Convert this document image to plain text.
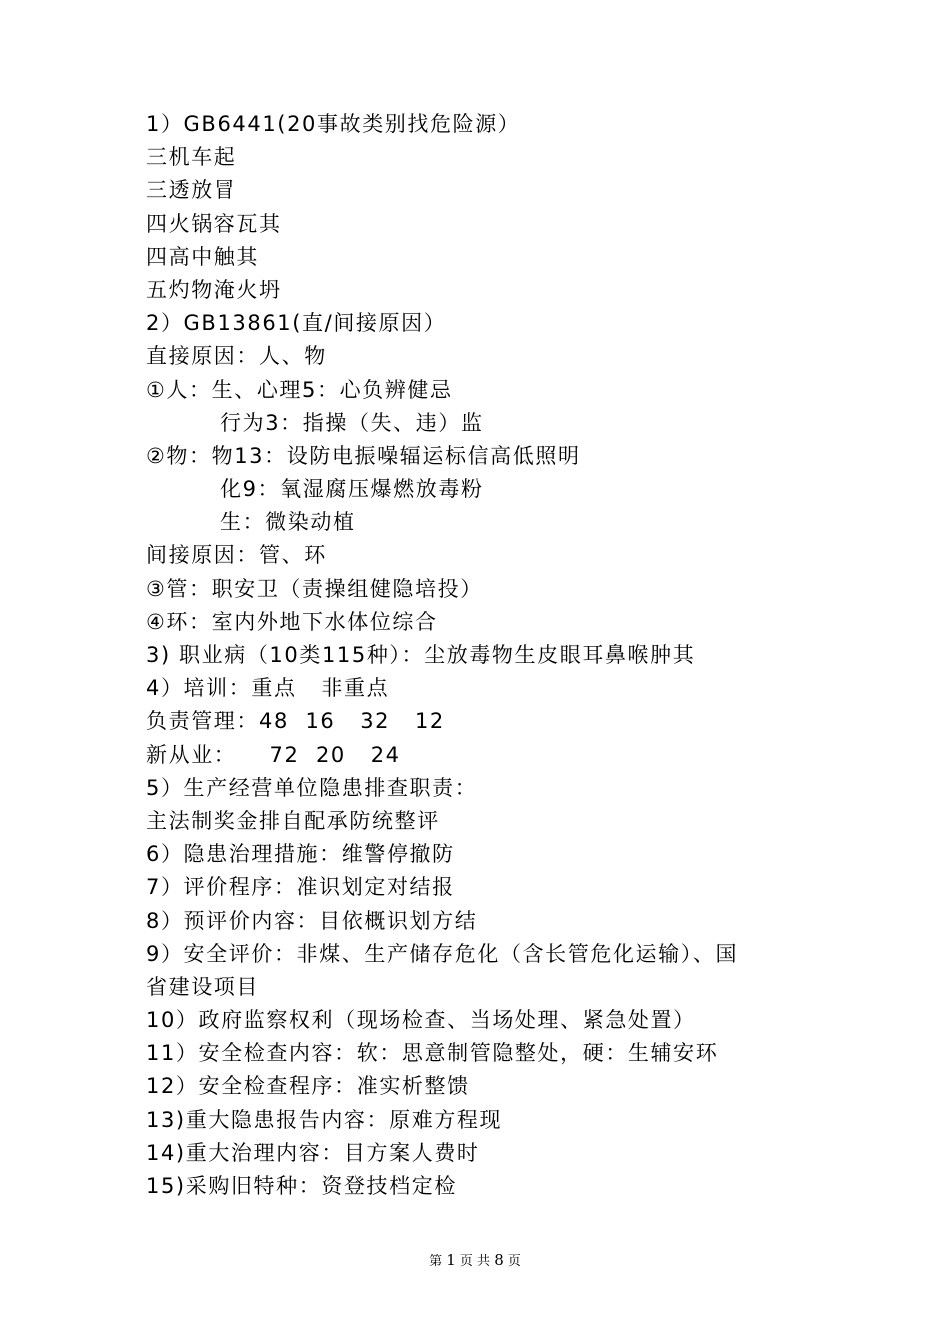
1）GB6441(20事故类别找危险源）
三机车起
三透放冒
四火锅容瓦其
四高中触其
五灼物淹火坍
2）GB13861(直/间接原因）
直接原因：人、物
①人：生、心理5：心负辨健忌
行为3：指操（失、违）监
②物：物13：设防电振噪辐运标信高低照明
化9：氧湿腐压爆燃放毒粉
生：微染动植
间接原因：管、环
③管：职安卫（责操组健隐培投）
④环：室内外地下水体位综合
3) 职业病（10类115种）：尘放毒物生皮眼耳鼻喉肿其
4）培训：重点   非重点
负责管理：48  16   32   12
新从业：    72  20   24
5）生产经营单位隐患排查职责：
主法制奖金排自配承防统整评
6）隐患治理措施：维警停撤防
7）评价程序：准识划定对结报
8）预评价内容：目依概识划方结
9）安全评价：非煤、生产储存危化（含长管危化运输）、国
省建设项目
10）政府监察权利（现场检查、当场处理、紧急处置）
11）安全检查内容：软：思意制管隐整处，硬：生辅安环
12）安全检查程序：准实析整馈
13)重大隐患报告内容：原难方程现
14)重大治理内容：目方案人费时
15)采购旧特种：资登技档定检
第 1 页 共 8 页
